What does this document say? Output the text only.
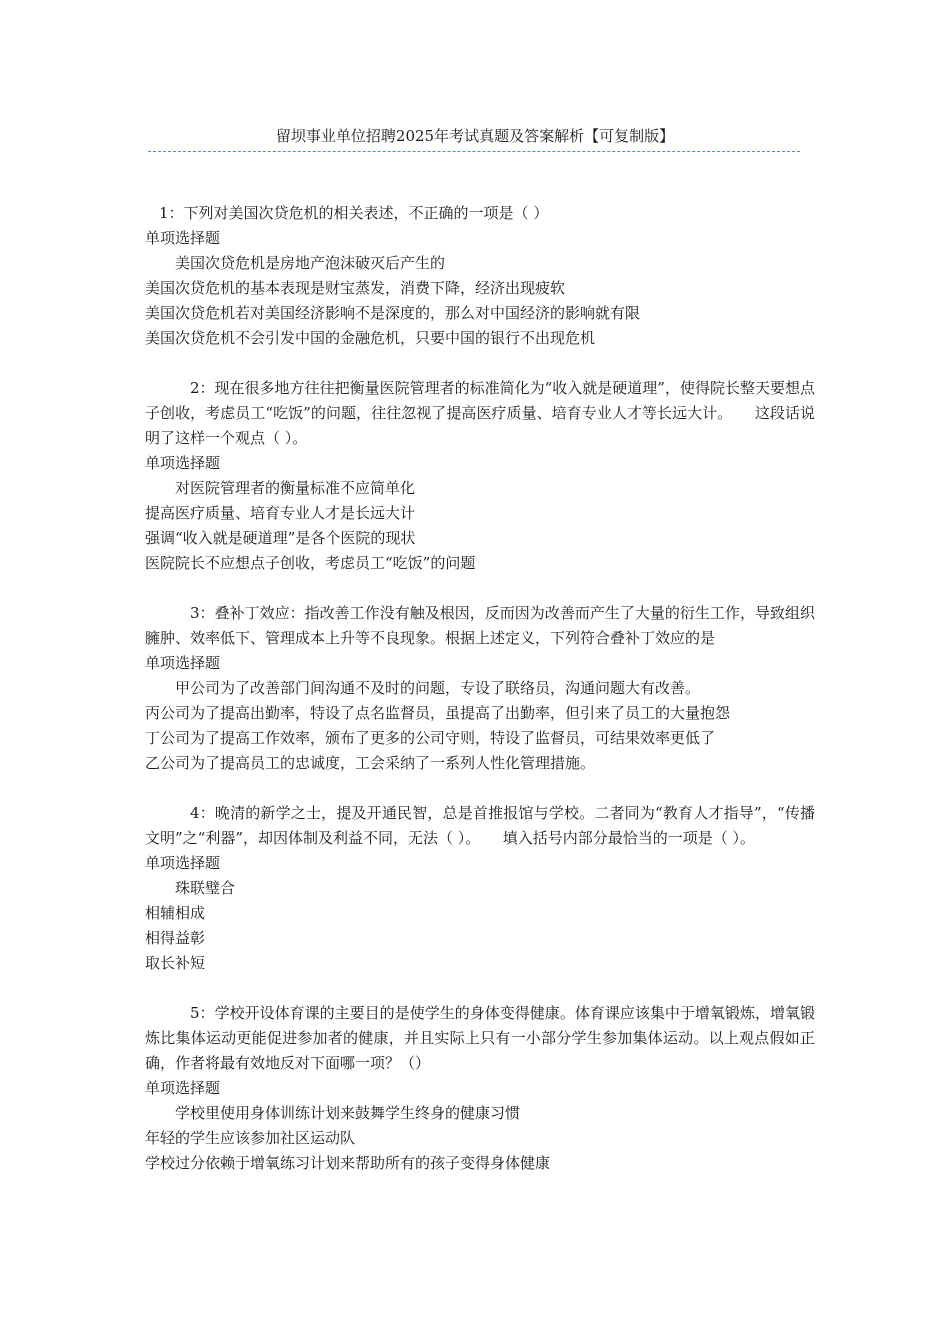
留坝事业单位招聘2025年考试真题及答案解析【可复制版】

1：下列对美国次贷危机的相关表述，不正确的一项是（ ）

单项选择题

美国次贷危机是房地产泡沫破灭后产生的

美国次贷危机的基本表现是财宝蒸发，消费下降，经济出现疲软

美国次贷危机若对美国经济影响不是深度的，那么对中国经济的影响就有限

美国次贷危机不会引发中国的金融危机，只要中国的银行不出现危机

2：现在很多地方往往把衡量医院管理者的标准简化为“收入就是硬道理”，使得院长整天要想点子创收，考虑员工“吃饭”的问题，往往忽视了提高医疗质量、培育专业人才等长远大计。　　这段话说明了这样一个观点（ ）。

单项选择题

对医院管理者的衡量标准不应简单化

提高医疗质量、培育专业人才是长远大计

强调“收入就是硬道理”是各个医院的现状

医院院长不应想点子创收，考虑员工“吃饭”的问题

3：叠补丁效应：指改善工作没有触及根因，反而因为改善而产生了大量的衍生工作，导致组织臃肿、效率低下、管理成本上升等不良现象。根据上述定义，下列符合叠补丁效应的是

单项选择题

甲公司为了改善部门间沟通不及时的问题，专设了联络员，沟通问题大有改善。

丙公司为了提高出勤率，特设了点名监督员，虽提高了出勤率，但引来了员工的大量抱怨

丁公司为了提高工作效率，颁布了更多的公司守则，特设了监督员，可结果效率更低了

乙公司为了提高员工的忠诚度，工会采纳了一系列人性化管理措施。

4：晚清的新学之士，提及开通民智，总是首推报馆与学校。二者同为“教育人才指导”，“传播文明”之“利器”，却因体制及利益不同，无法（ ）。　　填入括号内部分最恰当的一项是（ ）。

单项选择题

珠联璧合

相辅相成

相得益彰

取长补短

5：学校开设体育课的主要目的是使学生的身体变得健康。体育课应该集中于增氧锻炼，增氧锻炼比集体运动更能促进参加者的健康，并且实际上只有一小部分学生参加集体运动。以上观点假如正确，作者将最有效地反对下面哪一项？（）

单项选择题

学校里使用身体训练计划来鼓舞学生终身的健康习惯

年轻的学生应该参加社区运动队

学校过分依赖于增氧练习计划来帮助所有的孩子变得身体健康
